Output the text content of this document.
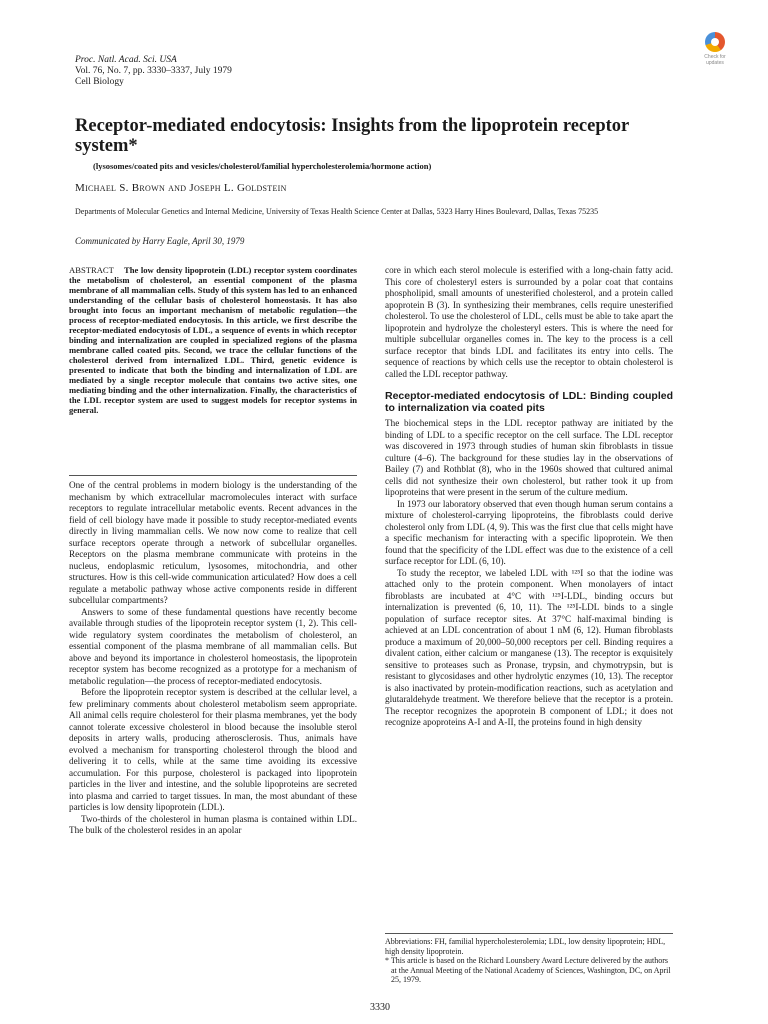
Proc. Natl. Acad. Sci. USA
Vol. 76, No. 7, pp. 3330–3337, July 1979
Cell Biology
Check for updates
Receptor-mediated endocytosis: Insights from the lipoprotein receptor system*
(lysosomes/coated pits and vesicles/cholesterol/familial hypercholesterolemia/hormone action)
Michael S. Brown and Joseph L. Goldstein
Departments of Molecular Genetics and Internal Medicine, University of Texas Health Science Center at Dallas, 5323 Harry Hines Boulevard, Dallas, Texas 75235
Communicated by Harry Eagle, April 30, 1979

ABSTRACT The low density lipoprotein (LDL) receptor system coordinates the metabolism of cholesterol, an essential component of the plasma membrane of all mammalian cells. Study of this system has led to an enhanced understanding of the cellular basis of cholesterol homeostasis. It has also brought into focus an important mechanism of metabolic regulation—the process of receptor-mediated endocytosis. In this article, we first describe the receptor-mediated endocytosis of LDL, a sequence of events in which receptor binding and internalization are coupled in specialized regions of the plasma membrane called coated pits. Second, we trace the cellular functions of the cholesterol derived from internalized LDL. Third, genetic evidence is presented to indicate that both the binding and internalization of LDL are mediated by a single receptor molecule that contains two active sites, one mediating binding and the other internalization. Finally, the characteristics of the LDL receptor system are used to suggest models for receptor systems in general.

One of the central problems in modern biology is the understanding of the mechanism by which extracellular macromolecules interact with surface receptors to regulate intracellular metabolic events. Recent advances in the field of cell biology have made it possible to study receptor-mediated events directly in living mammalian cells. We now now come to realize that cell surface receptors operate through a network of subcellular organelles. Receptors on the plasma membrane communicate with proteins in the nucleus, endoplasmic reticulum, lysosomes, mitochondria, and other structures. How is this cell-wide communication articulated? How does a cell regulate a metabolic pathway whose active components reside in different subcellular compartments?

Answers to some of these fundamental questions have recently become available through studies of the lipoprotein receptor system (1, 2). This cell-wide regulatory system coordinates the metabolism of cholesterol, an essential component of the plasma membrane of all mammalian cells. But above and beyond its importance in cholesterol homeostasis, the lipoprotein receptor system has become recognized as a prototype for a mechanism of metabolic regulation—the process of receptor-mediated endocytosis.

Before the lipoprotein receptor system is described at the cellular level, a few preliminary comments about cholesterol metabolism seem appropriate. All animal cells require cholesterol for their plasma membranes, yet the body cannot tolerate excessive cholesterol in blood because the insoluble sterol deposits in artery walls, producing atherosclerosis. Thus, animals have evolved a mechanism for transporting cholesterol through the blood and delivering it to cells, while at the same time avoiding its excessive accumulation. For this purpose, cholesterol is packaged into lipoprotein particles in the liver and intestine, and the soluble lipoproteins are secreted into plasma and carried to target tissues. In man, the most abundant of these particles is low density lipoprotein (LDL).

Two-thirds of the cholesterol in human plasma is contained within LDL. The bulk of the cholesterol resides in an apolar

core in which each sterol molecule is esterified with a long-chain fatty acid. This core of cholesteryl esters is surrounded by a polar coat that contains phospholipid, small amounts of unesterified cholesterol, and a protein called apoprotein B (3). In synthesizing their membranes, cells require unesterified cholesterol. To use the cholesterol of LDL, cells must be able to take apart the lipoprotein and hydrolyze the cholesteryl esters. This is where the need for multiple subcellular organelles comes in. The key to the process is a cell surface receptor that binds LDL and facilitates its entry into cells. The sequence of reactions by which cells use the receptor to obtain cholesterol is called the LDL receptor pathway.

Receptor-mediated endocytosis of LDL: Binding coupled to internalization via coated pits

The biochemical steps in the LDL receptor pathway are initiated by the binding of LDL to a specific receptor on the cell surface. The LDL receptor was discovered in 1973 through studies of human skin fibroblasts in tissue culture (4–6). The background for these studies lay in the observations of Bailey (7) and Rothblat (8), who in the 1960s showed that cultured animal cells did not synthesize their own cholesterol, but rather took it up from lipoproteins that were present in the serum of the culture medium.

In 1973 our laboratory observed that even though human serum contains a mixture of cholesterol-carrying lipoproteins, the fibroblasts could derive cholesterol only from LDL (4, 9). This was the first clue that cells might have a specific mechanism for interacting with a specific lipoprotein. We then found that the specificity of the LDL effect was due to the existence of a cell surface receptor for LDL (6, 10).

To study the receptor, we labeled LDL with ¹²⁵I so that the iodine was attached only to the protein component. When monolayers of intact fibroblasts are incubated at 4°C with ¹²⁵I-LDL, binding occurs but internalization is prevented (6, 10, 11). The ¹²⁵I-LDL binds to a single population of surface receptor sites. At 37°C half-maximal binding is achieved at an LDL concentration of about 1 nM (6, 12). Human fibroblasts produce a maximum of 20,000–50,000 receptors per cell. Binding requires a divalent cation, either calcium or manganese (13). The receptor is exquisitely sensitive to proteases such as Pronase, trypsin, and chymotrypsin, but is resistant to glycosidases and other hydrolytic enzymes (10, 13). The receptor is also inactivated by protein-modification reactions, such as acetylation and glutaraldehyde treatment. We therefore believe that the receptor is a protein. The receptor recognizes the apoprotein B component of LDL; it does not recognize apoproteins A-I and A-II, the proteins found in high density

Abbreviations: FH, familial hypercholesterolemia; LDL, low density lipoprotein; HDL, high density lipoprotein.

* This article is based on the Richard Lounsbery Award Lecture delivered by the authors at the Annual Meeting of the National Academy of Sciences, Washington, DC, on April 25, 1979.

3330
